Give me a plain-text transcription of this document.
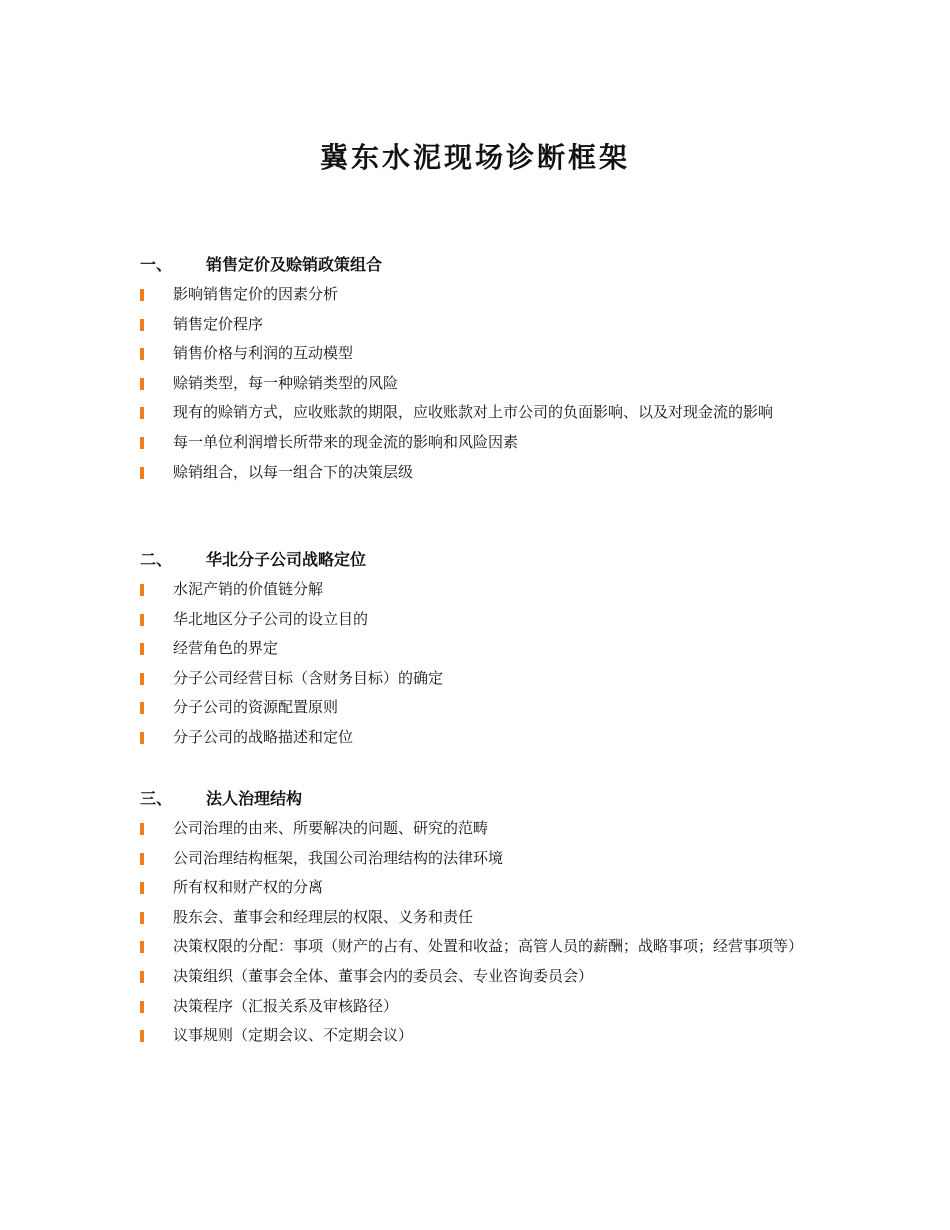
冀东水泥现场诊断框架
一、 销售定价及赊销政策组合
影响销售定价的因素分析
销售定价程序
销售价格与利润的互动模型
赊销类型，每一种赊销类型的风险
现有的赊销方式，应收账款的期限，应收账款对上市公司的负面影响、以及对现金流的影响
每一单位利润增长所带来的现金流的影响和风险因素
赊销组合，以每一组合下的决策层级
二、 华北分子公司战略定位
水泥产销的价值链分解
华北地区分子公司的设立目的
经营角色的界定
分子公司经营目标（含财务目标）的确定
分子公司的资源配置原则
分子公司的战略描述和定位
三、 法人治理结构
公司治理的由来、所要解决的问题、研究的范畴
公司治理结构框架，我国公司治理结构的法律环境
所有权和财产权的分离
股东会、董事会和经理层的权限、义务和责任
决策权限的分配：事项（财产的占有、处置和收益；高管人员的薪酬；战略事项；经营事项等）
决策组织（董事会全体、董事会内的委员会、专业咨询委员会）
决策程序（汇报关系及审核路径）
议事规则（定期会议、不定期会议）
